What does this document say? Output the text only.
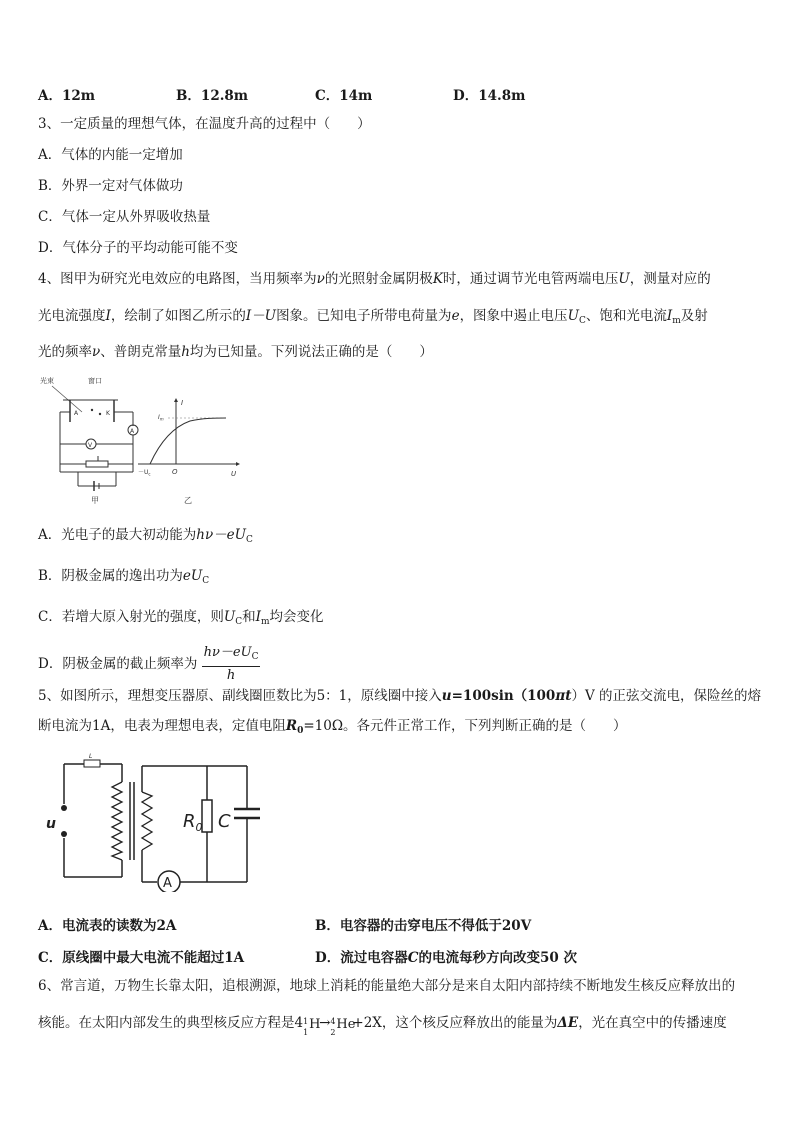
A．12m	B．12.8m	C．14m	D．14.8m
3、一定质量的理想气体，在温度升高的过程中（　　）
A．气体的内能一定增加
B．外界一定对气体做功
C．气体一定从外界吸收热量
D．气体分子的平均动能可能不变
4、图甲为研究光电效应的电路图，当用频率为ν的光照射金属阴极K时，通过调节光电管两端电压U，测量对应的
光电流强度I，绘制了如图乙所示的I－U图象。已知电子所带电荷量为e，图象中遏止电压$U_C$、饱和光电流$I_m$及射
光的频率ν、普朗克常量h均为已知量。下列说法正确的是（　　）
光束	窗口
A	K
A
V
甲
I
U
O
$-U_c$
$I_m$
乙
A．光电子的最大初动能为$h\nu-eU_C$
B．阴极金属的逸出功为$eU_C$
C．若增大原入射光的强度，则$U_C$和$I_m$均会变化
D．阴极金属的截止频率为 $\frac{h\nu-eU_C}{h}$
5、如图所示，理想变压器原、副线圈匝数比为5：1，原线圈中接入u=100sin（100πt）V 的正弦交流电，保险丝的熔
断电流为1A，电表为理想电表，定值电阻$R_0=10\Omega$。各元件正常工作，下列判断正确的是（　　）
L
u
A
$R_0$ C
A．电流表的读数为2A	B．电容器的击穿电压不得低于20V
C．原线圈中最大电流不能超过1A	D．流过电容器C的电流每秒方向改变50 次
6、常言道，万物生长靠太阳，追根溯源，地球上消耗的能量绝大部分是来自太阳内部持续不断地发生核反应释放出的
核能。在太阳内部发生的典型核反应方程是4 1
1
H
→ 4
2
He
+2X，这个核反应释放出的能量为ΔE，光在真空中的传播速度
